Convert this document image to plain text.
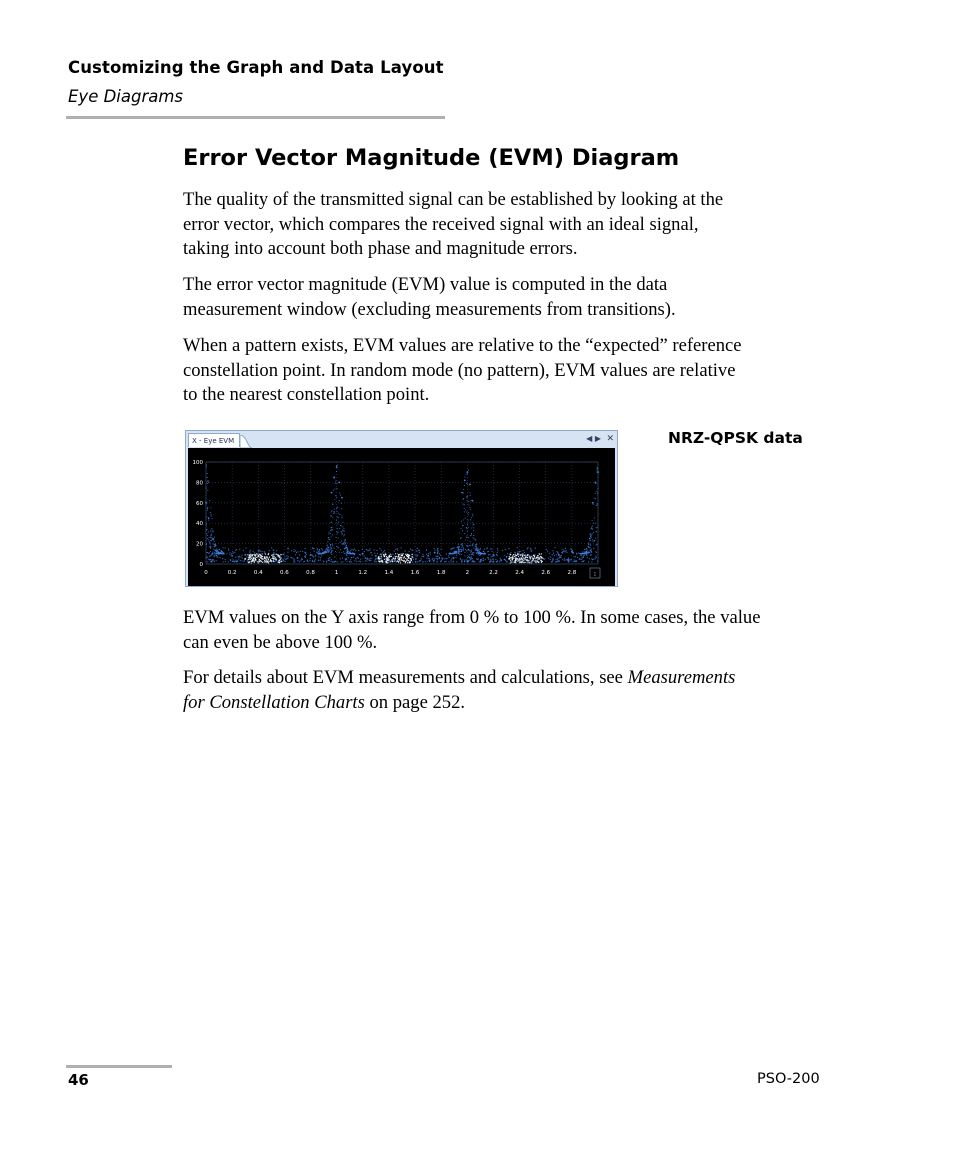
Customizing the Graph and Data Layout
Eye Diagrams
Error Vector Magnitude (EVM) Diagram

The quality of the transmitted signal can be established by looking at the
error vector, which compares the received signal with an ideal signal,
taking into account both phase and magnitude errors.

The error vector magnitude (EVM) value is computed in the data
measurement window (excluding measurements from transitions).

When a pattern exists, EVM values are relative to the “expected” reference
constellation point. In random mode (no pattern), EVM values are relative
to the nearest constellation point.

X - Eye EVM	◀ ▶ ✕
0
20
40
60
80
100
0	0.2	0.4	0.6	0.8	1	1.2	1.4	1.6	1.8	2	2.2	2.4	2.6	2.8	⁝
NRZ-QPSK data

EVM values on the Y axis range from 0 % to 100 %. In some cases, the value
can even be above 100 %.

For details about EVM measurements and calculations, see Measurements
for Constellation Charts on page 252.

46	PSO-200
